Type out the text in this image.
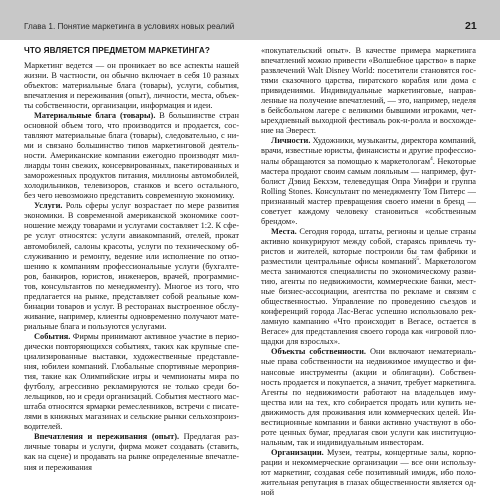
Глава 1. Понятие маркетинга в условиях новых реалий	21
ЧТО ЯВЛЯЕТСЯ ПРЕДМЕТОМ МАРКЕТИНГА?

Маркетинг ведется — он проникает во все аспекты нашей жизни. В частности, он обычно включает в себя 10 разных объектов: материальные блага (товары), услуги, события, впечатления и переживания (опыт), личности, места, объекты собственности, организации, информация и идеи.

Материальные блага (товары). В большинстве стран основной объем того, что производится и продается, составляют материальные блага (товары), следовательно, с ними и связано большинство типов маркетинговой деятельности. Американские компании ежегодно производят миллиарды тонн свежих, консервированных, пакетированных и замороженных продуктов питания, миллионы автомобилей, холодильников, телевизоров, станков и всего остального, без чего невозможно представить современную экономику.

Услуги. Роль сферы услуг возрастает по мере развития экономики. В современной американской экономике соотношение между товарами и услугами составляет 1:2. К сфере услуг относятся: услуги авиакомпаний, отелей, прокат автомобилей, салоны красоты, услуги по техническому обслуживанию и ремонту, ведение или исполнение по отношению к компаниям профессиональные услуги (бухгалтеров, банкиров, юристов, инженеров, врачей, программистов, консультантов по менеджменту). Многое из того, что предлагается на рынке, представляет собой реальные комбинации товаров и услуг. В ресторанах выстроенное обслуживание, например, клиенты одновременно получают материальные блага и пользуются услугами.

События. Фирмы принимают активное участие в периодически повторяющихся событиях, таких как крупные специализированные выставки, художественные представления, юбилеи компаний. Глобальные спортивные мероприятия, такие как Олимпийские игры и чемпионаты мира по футболу, агрессивно рекламируются не только среди болельщиков, но и среди организаций. События местного масштаба относятся ярмарки ремесленников, встречи с писателями в книжных магазинах и сельские рынки сельхозпроизводителей.

Впечатления и переживания (опыт). Предлагая различные товары и услуги, фирма может создавать (ставить, как на сцене) и продавать на рынке определенные впечатления и переживания

«покупательский опыт». В качестве примера маркетинга впечатлений можно привести «Волшебное царство» в парке развлечений Walt Disney World: посетители становятся гостями сказочного царства, пиратского корабля или дома с привидениями. Индивидуальные маркетинговые, направленные на получение впечатлений, — это, например, неделя в бейсбольном лагере с великими бывшими игроками, четырехдневный выходной фестиваль рок-н-ролла и восхождение на Эверест.

Личности. Художники, музыканты, директора компаний, врачи, известные юристы, финансисты и другие профессионалы обращаются за помощью к маркетологам$^4$. Некоторые мастера продают своим самым лояльным — например, футболист Дэвид Бекхэм, телеведущая Опра Уинфри и группа Rolling Stones. Консультант по менеджменту Том Питерс — признанный мастер превращения своего имени в бренд — советует каждому человеку становиться «собственным брендом».

Места. Сегодня города, штаты, регионы и целые страны активно конкурируют между собой, стараясь привлечь туристов и жителей, которые построили бы там фабрики и разместили центральные офисы компаний$^5$. Маркетологом места занимаются специалисты по экономическому развитию, агенты по недвижимости, коммерческие банки, местные бизнес-ассоциации, агентства по рекламе и связям с общественностью. Управление по проведению съездов и конференций города Лас-Вегас успешно использовало рекламную кампанию «Что происходит в Вегасе, остается в Вегасе» для представления своего города как «игровой площадки для взрослых».

Объекты собственности. Они включают нематериальные права собственности на недвижимое имущество и финансовые инструменты (акции и облигации). Собственность продается и покупается, а значит, требует маркетинга. Агенты по недвижимости работают на владельцев имущества или на тех, кто собирается продать или купить недвижимость для проживания или коммерческих целей. Инвестиционные компании и банки активно участвуют в обороте ценных бумаг, предлагая свои услуги как институциональным, так и индивидуальным инвесторам.

Организации. Музеи, театры, концертные залы, корпорации и некоммерческие организации — все они используют маркетинг, создавая себе позитивный имидж, ибо положительная репутация в глазах общественности является одной
